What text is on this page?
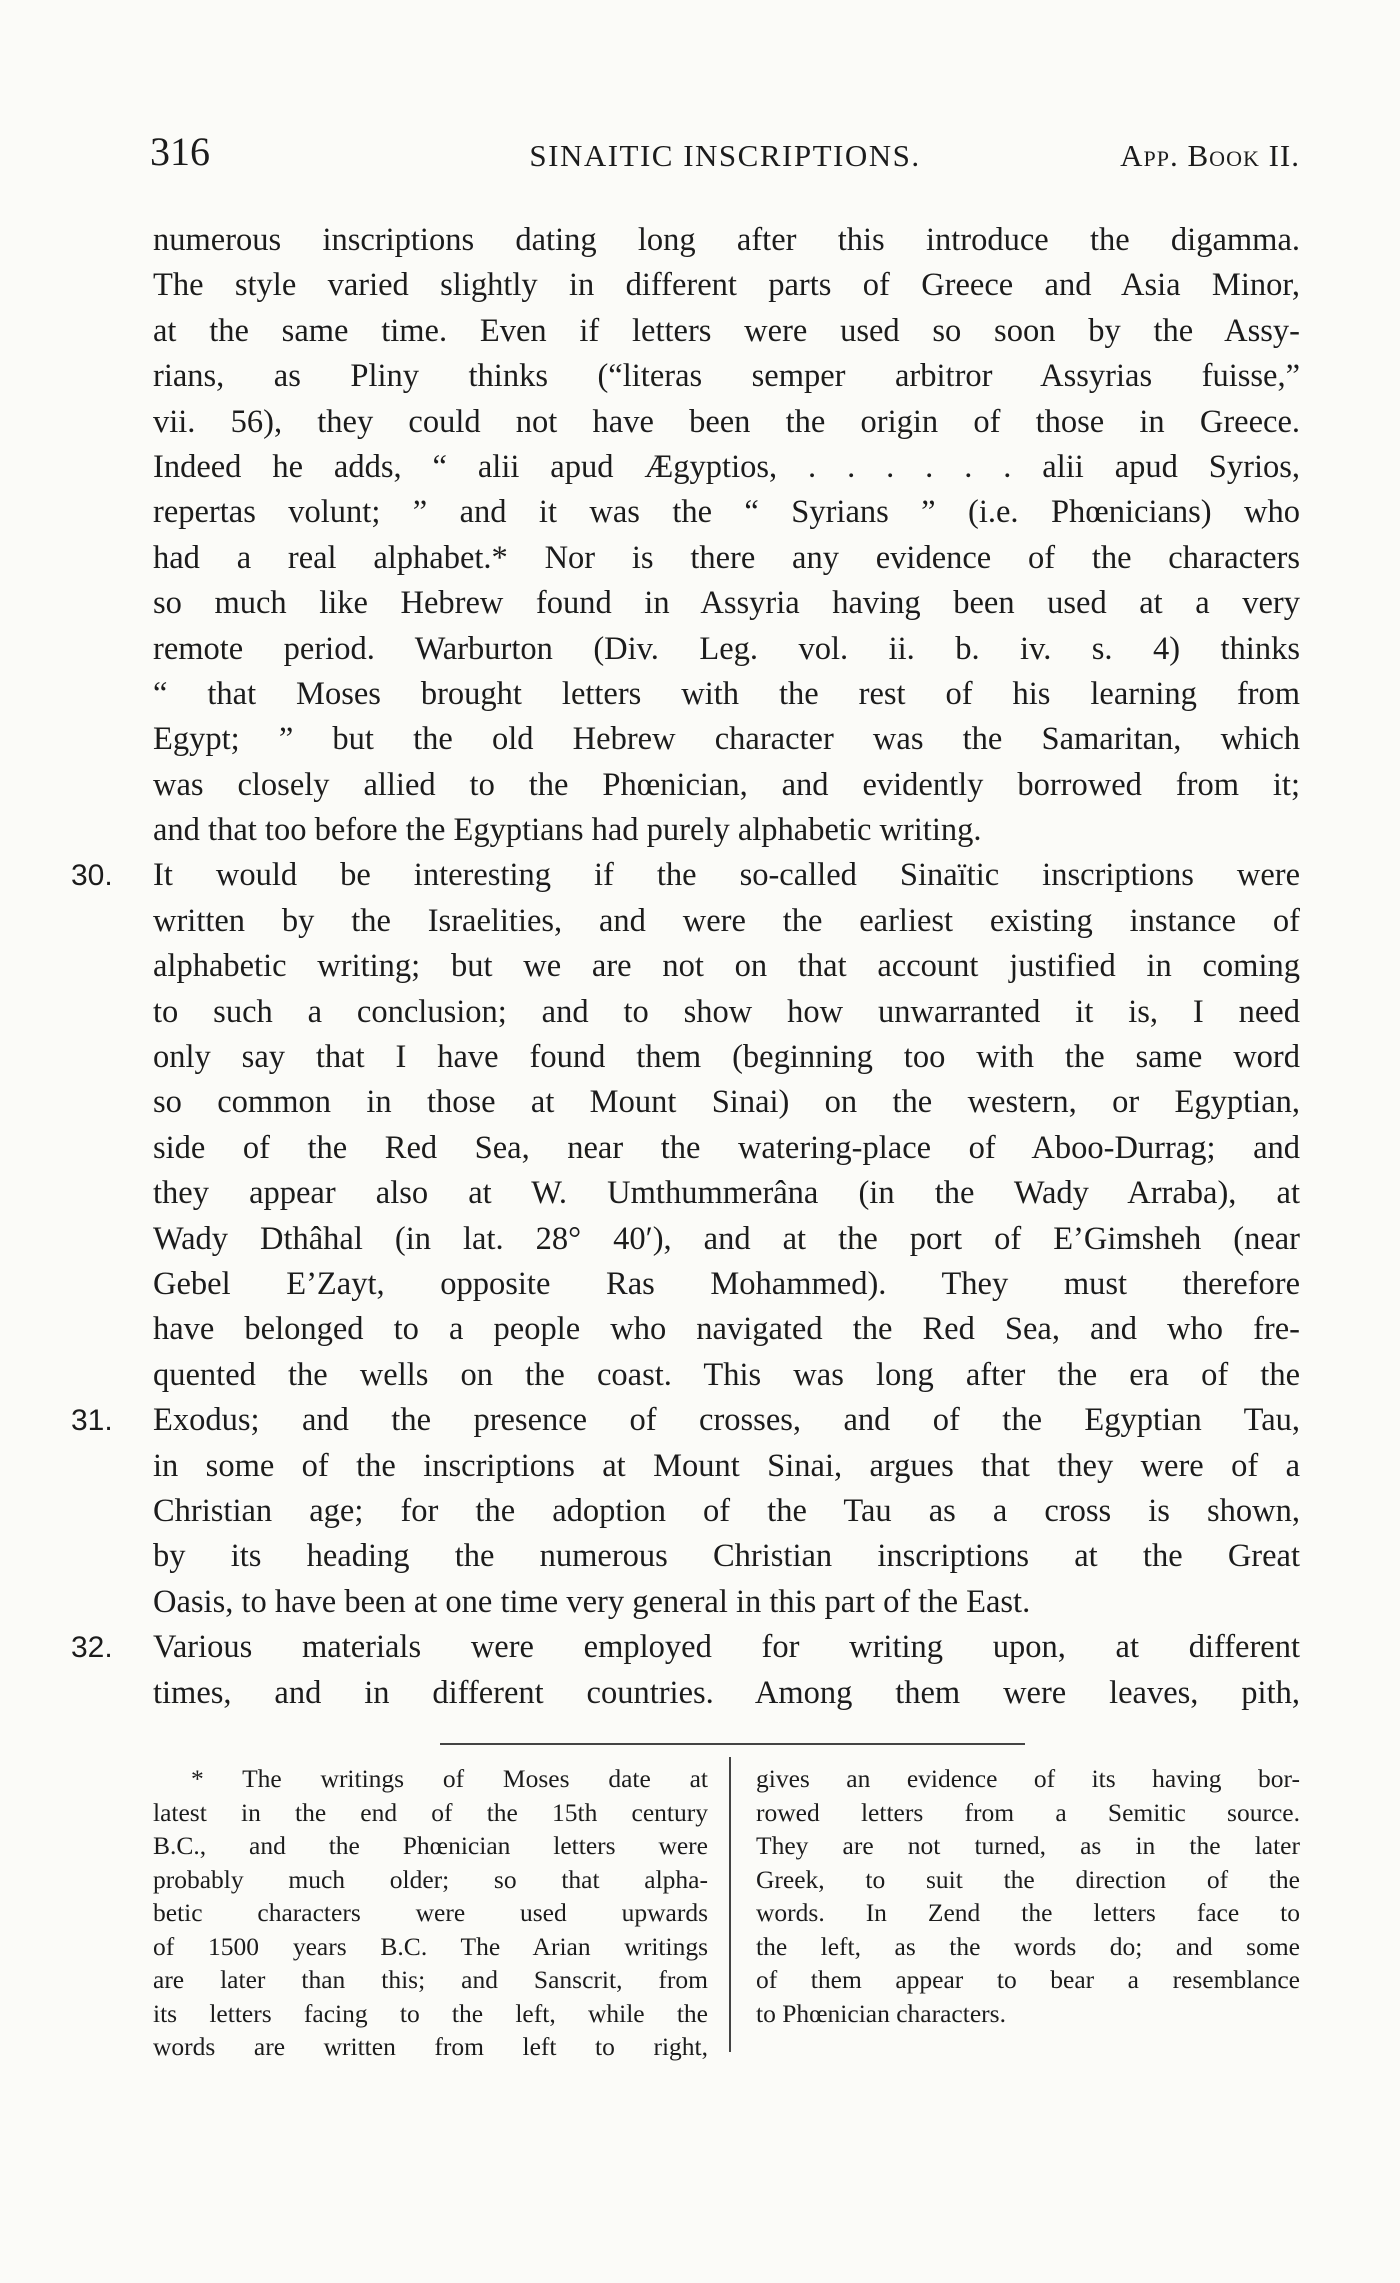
316	SINAITIC INSCRIPTIONS.	App. Book II.
numerous inscriptions dating long after this introduce the digamma.
The style varied slightly in different parts of Greece and Asia Minor,
at the same time. Even if letters were used so soon by the Assy-
rians, as Pliny thinks (“literas semper arbitror Assyrias fuisse,”
vii. 56), they could not have been the origin of those in Greece.
Indeed he adds, “ alii apud Ægyptios, . . . . . . alii apud Syrios,
repertas volunt; ” and it was the “ Syrians ” (i.e. Phœnicians) who
had a real alphabet.* Nor is there any evidence of the characters
so much like Hebrew found in Assyria having been used at a very
remote period. Warburton (Div. Leg. vol. ii. b. iv. s. 4) thinks
“ that Moses brought letters with the rest of his learning from
Egypt; ” but the old Hebrew character was the Samaritan, which
was closely allied to the Phœnician, and evidently borrowed from it;
and that too before the Egyptians had purely alphabetic writing.
30. It would be interesting if the so-called Sinaïtic inscriptions were
written by the Israelities, and were the earliest existing instance of
alphabetic writing; but we are not on that account justified in coming
to such a conclusion; and to show how unwarranted it is, I need
only say that I have found them (beginning too with the same word
so common in those at Mount Sinai) on the western, or Egyptian,
side of the Red Sea, near the watering-place of Aboo-Durrag; and
they appear also at W. Umthummerâna (in the Wady Arraba), at
Wady Dthâhal (in lat. 28° 40′), and at the port of E’Gimsheh (near
Gebel E’Zayt, opposite Ras Mohammed). They must therefore
have belonged to a people who navigated the Red Sea, and who fre-
quented the wells on the coast. This was long after the era of the
31. Exodus; and the presence of crosses, and of the Egyptian Tau,
in some of the inscriptions at Mount Sinai, argues that they were of a
Christian age; for the adoption of the Tau as a cross is shown,
by its heading the numerous Christian inscriptions at the Great
Oasis, to have been at one time very general in this part of the East.
32. Various materials were employed for writing upon, at different
times, and in different countries. Among them were leaves, pith,
* The writings of Moses date at
latest in the end of the 15th century
B.C., and the Phœnician letters were
probably much older; so that alpha-
betic characters were used upwards
of 1500 years B.C. The Arian writings
are later than this; and Sanscrit, from
its letters facing to the left, while the
words are written from left to right,
gives an evidence of its having bor-
rowed letters from a Semitic source.
They are not turned, as in the later
Greek, to suit the direction of the
words. In Zend the letters face to
the left, as the words do; and some
of them appear to bear a resemblance
to Phœnician characters.
